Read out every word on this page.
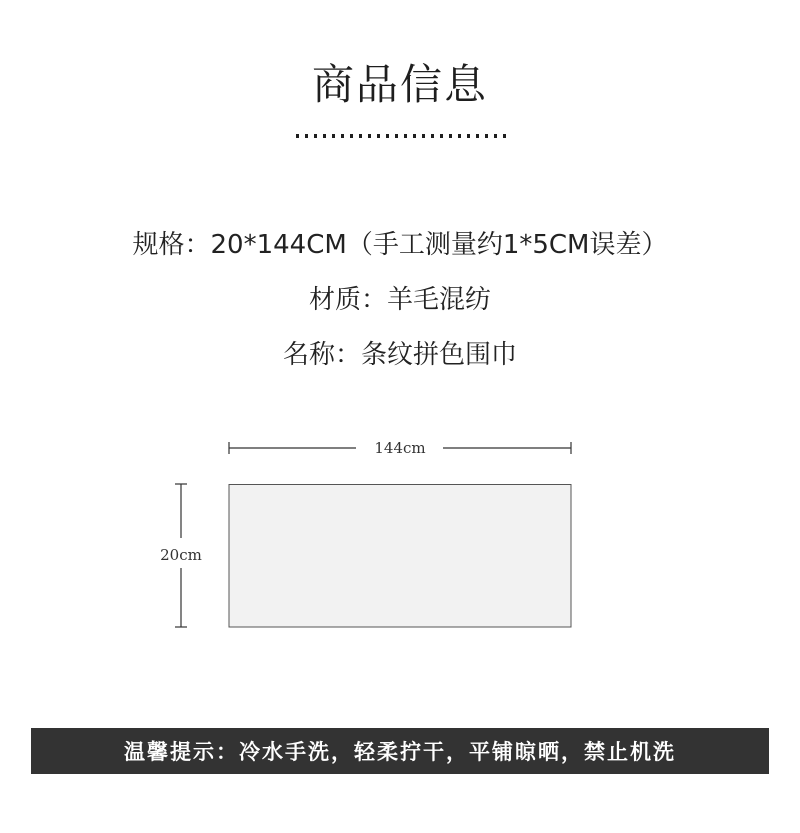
商品信息
规格：20*144CM（手工测量约1*5CM误差）
材质：羊毛混纺
名称：条纹拼色围巾
144cm
20cm
温馨提示：冷水手洗，轻柔拧干，平铺晾晒，禁止机洗
